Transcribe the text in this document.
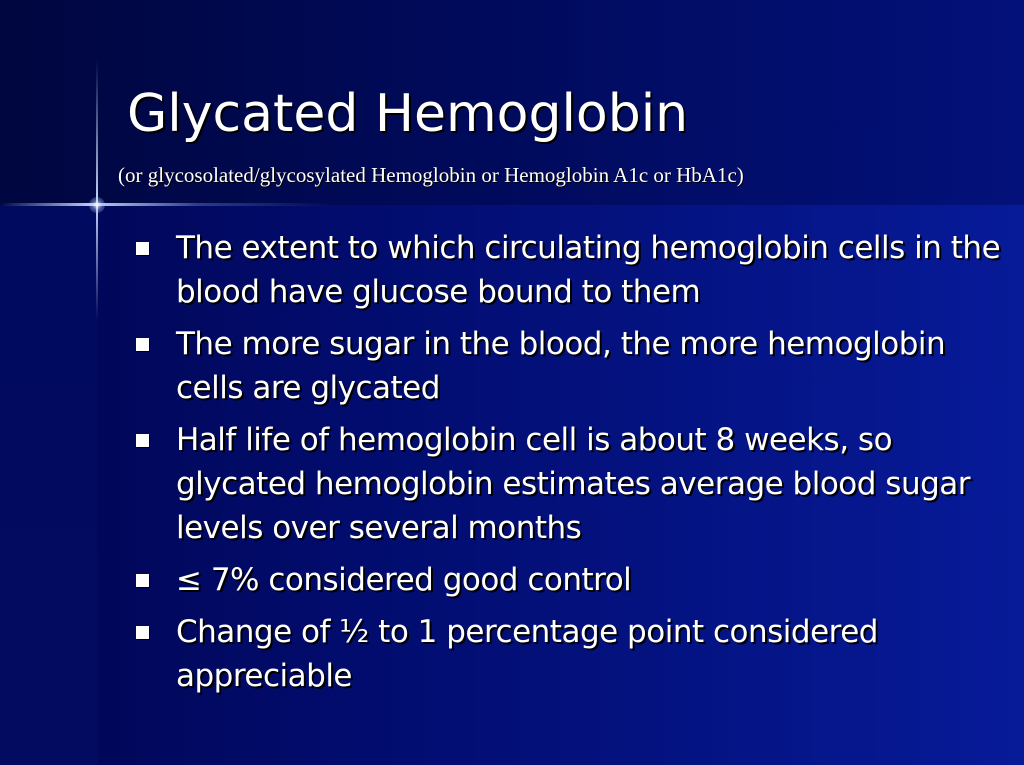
Glycated Hemoglobin

(or glycosolated/glycosylated Hemoglobin or Hemoglobin A1c or HbA1c)

The extent to which circulating hemoglobin cells in the blood have glucose bound to them
The more sugar in the blood, the more hemoglobin cells are glycated
Half life of hemoglobin cell is about 8 weeks, so glycated hemoglobin estimates average blood sugar levels over several months
≤ 7% considered good control
Change of ½ to 1 percentage point considered appreciable
